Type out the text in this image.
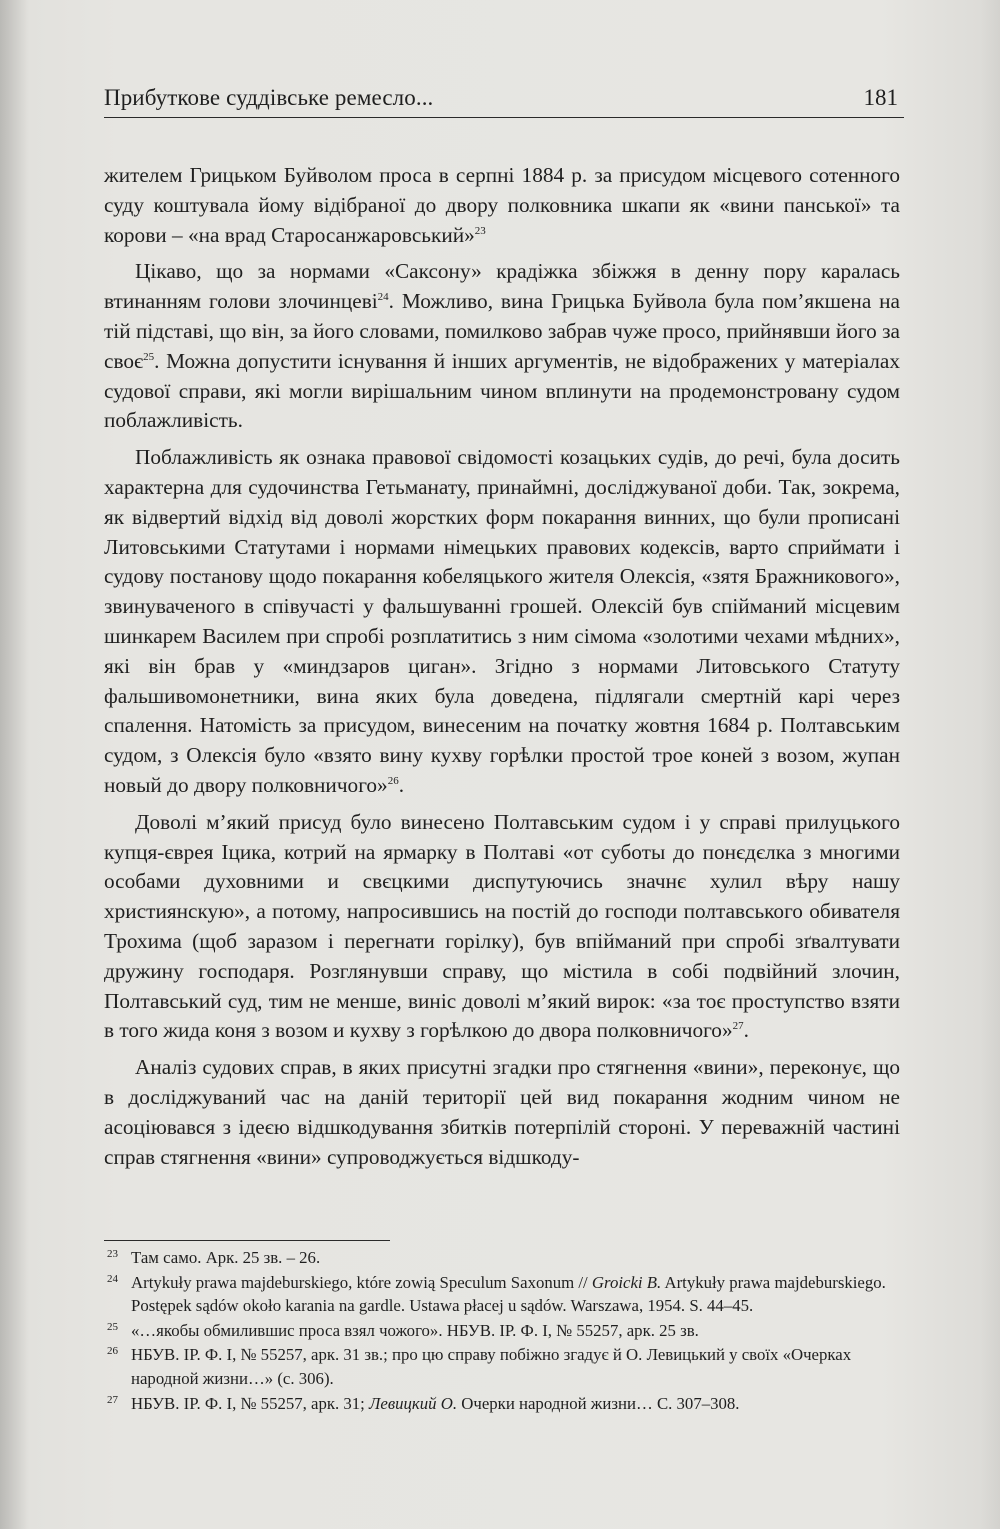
Прибуткове суддівське ремесло...	181

жителем Грицьком Буйволом проса в серпні 1884 р. за присудом місцевого сотенного суду коштувала йому відібраної до двору полковника шкапи як «вини панської» та корови – «на врад Старосанжаровський»$^{23}$

Цікаво, що за нормами «Саксону» крадіжка збіжжя в денну пору каралась втинанням голови злочинцеві$^{24}$. Можливо, вина Грицька Буйвола була пом’якшена на тій підставі, що він, за його словами, помилково забрав чуже просо, прийнявши його за своє$^{25}$. Можна допустити існування й інших аргументів, не відображених у матеріалах судової справи, які могли вирішальним чином вплинути на продемонстровану судом поблажливість.

Поблажливість як ознака правової свідомості козацьких судів, до речі, була досить характерна для судочинства Гетьманату, принаймні, досліджуваної доби. Так, зокрема, як відвертий відхід від доволі жорстких форм покарання винних, що були прописані Литовськими Статутами і нормами німецьких правових кодексів, варто сприймати і судову постанову щодо покарання кобеляцького жителя Олексія, «зятя Бражникового», звинуваченого в співучасті у фальшуванні грошей. Олексій був спійманий місцевим шинкарем Василем при спробі розплатитись з ним сімома «золотими чехами мѣдних», які він брав у «миндзаров циган». Згідно з нормами Литовського Статуту фальшивомонетники, вина яких була доведена, підлягали смертній карі через спалення. Натомість за присудом, винесеним на початку жовтня 1684 р. Полтавським судом, з Олексія було «взято вину кухву горѣлки простой трое коней з возом, жупан новый до двору полковничого»$^{26}$.

Доволі м’який присуд було винесено Полтавським судом і у справі прилуцького купця-єврея Іцика, котрий на ярмарку в Полтаві «от суботы до понєдєлка з многими особами духовними и свєцкими диспутуючись значнє хулил вѣру нашу християнскую», а потому, напросившись на постій до господи полтавського обивателя Трохима (щоб заразом і перегнати горілку), був впійманий при спробі зґвалтувати дружину господаря. Розглянувши справу, що містила в собі подвійний злочин, Полтавський суд, тим не менше, виніс доволі м’який вирок: «за тоє проступство взяти в того жида коня з возом и кухву з горѣлкою до двора полковничого»$^{27}$.

Аналіз судових справ, в яких присутні згадки про стягнення «вини», переконує, що в досліджуваний час на даній території цей вид покарання жодним чином не асоціювався з ідеєю відшкодування збитків потерпілій стороні. У переважній частині справ стягнення «вини» супроводжується відшкоду-

23 Там само. Арк. 25 зв. – 26.
24 Artykuły prawa majdeburskiego, które zowią Speculum Saxonum // Groicki B. Artykuły prawa majdeburskiego. Postępek sądów około karania na gardle. Ustawa płacej u sądów. Warszawa, 1954. S. 44–45.
25 «…якобы обмилившис проса взял чожого». НБУВ. ІР. Ф. І, № 55257, арк. 25 зв.
26 НБУВ. ІР. Ф. І, № 55257, арк. 31 зв.; про цю справу побіжно згадує й О. Левицький у своїх «Очерках народной жизни…» (с. 306).
27 НБУВ. ІР. Ф. І, № 55257, арк. 31; Левицкий О. Очерки народной жизни… С. 307–308.
